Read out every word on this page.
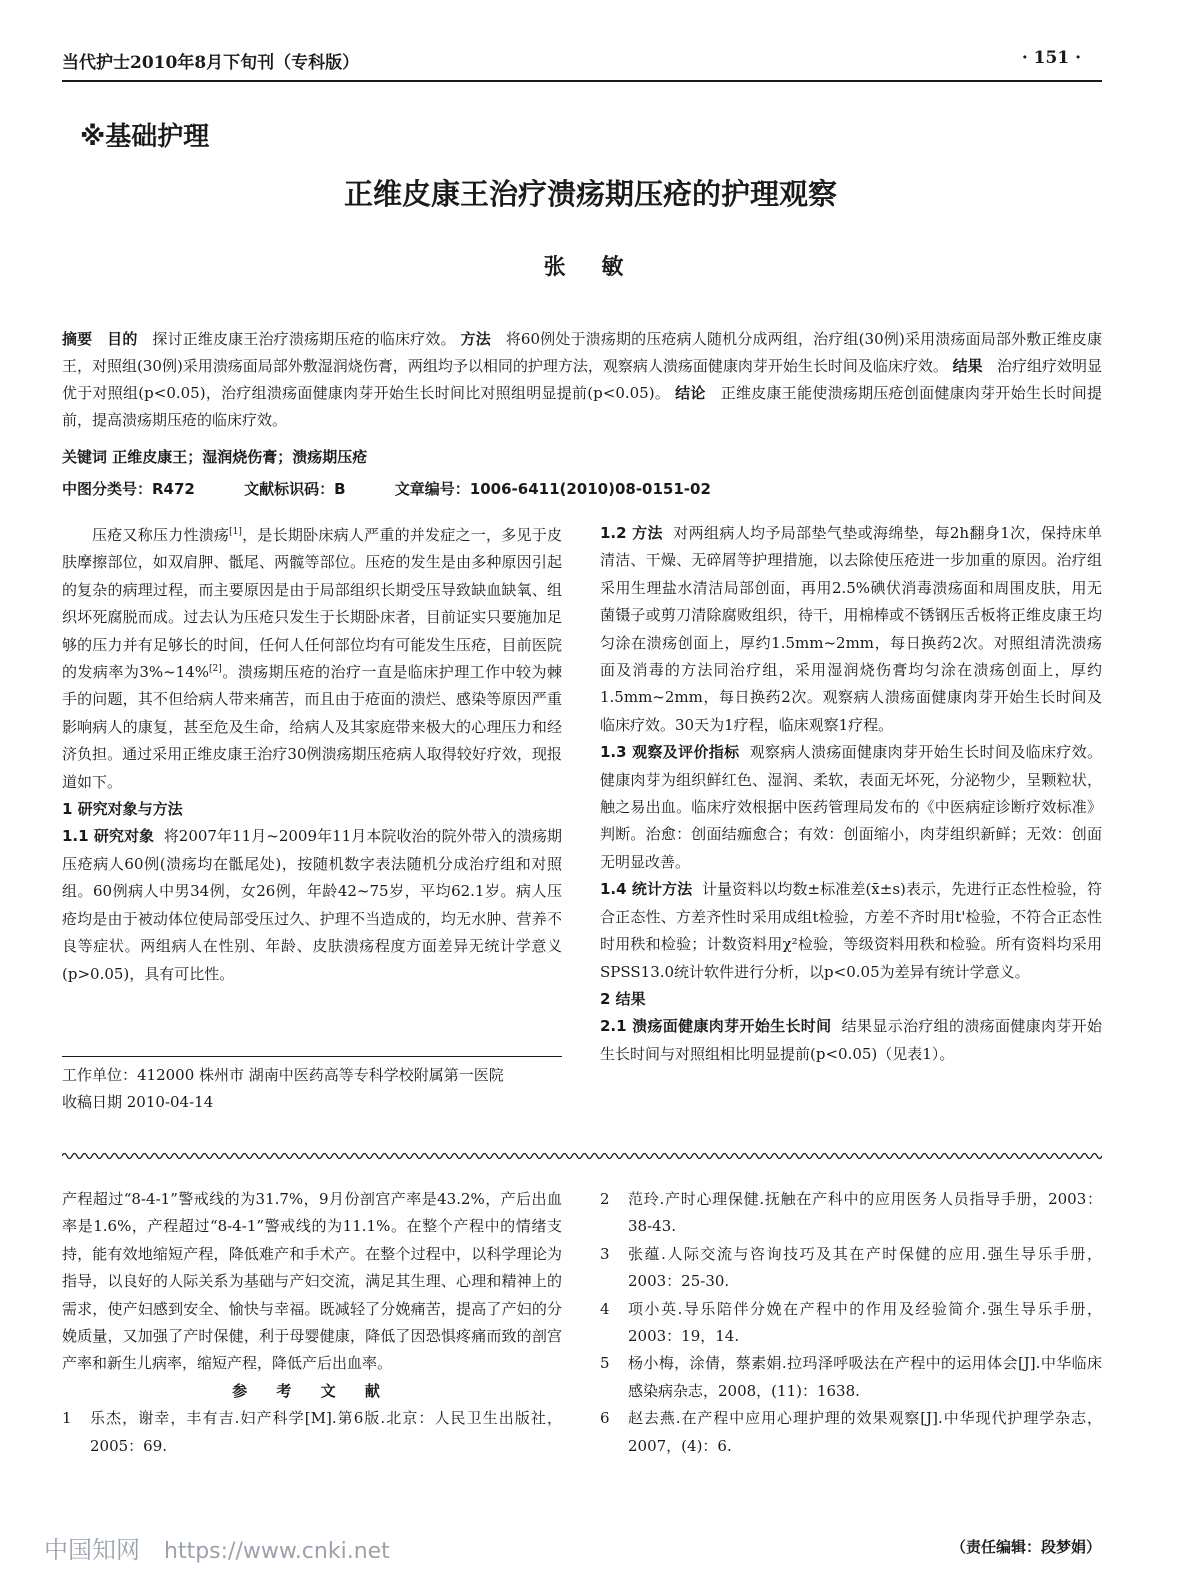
当代护士2010年8月下旬刊（专科版）	· 151 ·
※基础护理
正维皮康王治疗溃疡期压疮的护理观察
张 敏
摘要 目的 探讨正维皮康王治疗溃疡期压疮的临床疗效。 方法 将60例处于溃疡期的压疮病人随机分成两组，治疗组(30例)采用溃疡面局部外敷正维皮康王，对照组(30例)采用溃疡面局部外敷湿润烧伤膏，两组均予以相同的护理方法，观察病人溃疡面健康肉芽开始生长时间及临床疗效。 结果 治疗组疗效明显优于对照组(p<0.05)，治疗组溃疡面健康肉芽开始生长时间比对照组明显提前(p<0.05)。 结论 正维皮康王能使溃疡期压疮创面健康肉芽开始生长时间提前，提高溃疡期压疮的临床疗效。
关键词 正维皮康王；湿润烧伤膏；溃疡期压疮
中图分类号：R472	文献标识码：B	文章编号：1006-6411(2010)08-0151-02

压疮又称压力性溃疡[1]，是长期卧床病人严重的并发症之一，多见于皮肤摩擦部位，如双肩胛、骶尾、两髋等部位。压疮的发生是由多种原因引起的复杂的病理过程，而主要原因是由于局部组织长期受压导致缺血缺氧、组织坏死腐脱而成。过去认为压疮只发生于长期卧床者，目前证实只要施加足够的压力并有足够长的时间，任何人任何部位均有可能发生压疮，目前医院的发病率为3%~14%[2]。溃疡期压疮的治疗一直是临床护理工作中较为棘手的问题，其不但给病人带来痛苦，而且由于疮面的溃烂、感染等原因严重影响病人的康复，甚至危及生命，给病人及其家庭带来极大的心理压力和经济负担。通过采用正维皮康王治疗30例溃疡期压疮病人取得较好疗效，现报道如下。

1 研究对象与方法

1.1 研究对象 将2007年11月~2009年11月本院收治的院外带入的溃疡期压疮病人60例(溃疡均在骶尾处)，按随机数字表法随机分成治疗组和对照组。60例病人中男34例，女26例，年龄42~75岁，平均62.1岁。病人压疮均是由于被动体位使局部受压过久、护理不当造成的，均无水肿、营养不良等症状。两组病人在性别、年龄、皮肤溃疡程度方面差异无统计学意义(p>0.05)，具有可比性。

工作单位：412000 株州市 湖南中医药高等专科学校附属第一医院
收稿日期 2010-04-14

1.2 方法 对两组病人均予局部垫气垫或海绵垫，每2h翻身1次，保持床单清洁、干燥、无碎屑等护理措施，以去除使压疮进一步加重的原因。治疗组采用生理盐水清洁局部创面，再用2.5%碘伏消毒溃疡面和周围皮肤，用无菌镊子或剪刀清除腐败组织，待干，用棉棒或不锈钢压舌板将正维皮康王均匀涂在溃疡创面上，厚约1.5mm~2mm，每日换药2次。对照组清洗溃疡面及消毒的方法同治疗组，采用湿润烧伤膏均匀涂在溃疡创面上，厚约1.5mm~2mm，每日换药2次。观察病人溃疡面健康肉芽开始生长时间及临床疗效。30天为1疗程，临床观察1疗程。

1.3 观察及评价指标 观察病人溃疡面健康肉芽开始生长时间及临床疗效。健康肉芽为组织鲜红色、湿润、柔软，表面无坏死，分泌物少，呈颗粒状，触之易出血。临床疗效根据中医药管理局发布的《中医病症诊断疗效标准》判断。治愈：创面结痂愈合；有效：创面缩小，肉芽组织新鲜；无效：创面无明显改善。

1.4 统计方法 计量资料以均数±标准差(x̄±s)表示，先进行正态性检验，符合正态性、方差齐性时采用成组t检验，方差不齐时用t'检验，不符合正态性时用秩和检验；计数资料用χ²检验，等级资料用秩和检验。所有资料均采用SPSS13.0统计软件进行分析，以p<0.05为差异有统计学意义。

2 结果

2.1 溃疡面健康肉芽开始生长时间 结果显示治疗组的溃疡面健康肉芽开始生长时间与对照组相比明显提前(p<0.05)（见表1）。

产程超过“8-4-1”警戒线的为31.7%，9月份剖宫产率是43.2%，产后出血率是1.6%，产程超过“8-4-1”警戒线的为11.1%。在整个产程中的情绪支持，能有效地缩短产程，降低难产和手术产。在整个过程中，以科学理论为指导，以良好的人际关系为基础与产妇交流，满足其生理、心理和精神上的需求，使产妇感到安全、愉快与幸福。既减轻了分娩痛苦，提高了产妇的分娩质量，又加强了产时保健，利于母婴健康，降低了因恐惧疼痛而致的剖宫产率和新生儿病率，缩短产程，降低产后出血率。

参 考 文 献

1	乐杰，谢幸，丰有吉.妇产科学[M].第6版.北京：人民卫生出版社，2005：69.
2	范玲.产时心理保健.抚触在产科中的应用医务人员指导手册，2003：38-43.
3	张蕴.人际交流与咨询技巧及其在产时保健的应用.强生导乐手册，2003：25-30.
4	项小英.导乐陪伴分娩在产程中的作用及经验简介.强生导乐手册，2003：19，14.
5	杨小梅，涂倩，蔡素娟.拉玛泽呼吸法在产程中的运用体会[J].中华临床感染病杂志，2008，(11)：1638.
6	赵去燕.在产程中应用心理护理的效果观察[J].中华现代护理学杂志，2007，(4)：6.
（责任编辑：段梦娟）
中国知网 https://www.cnki.net
